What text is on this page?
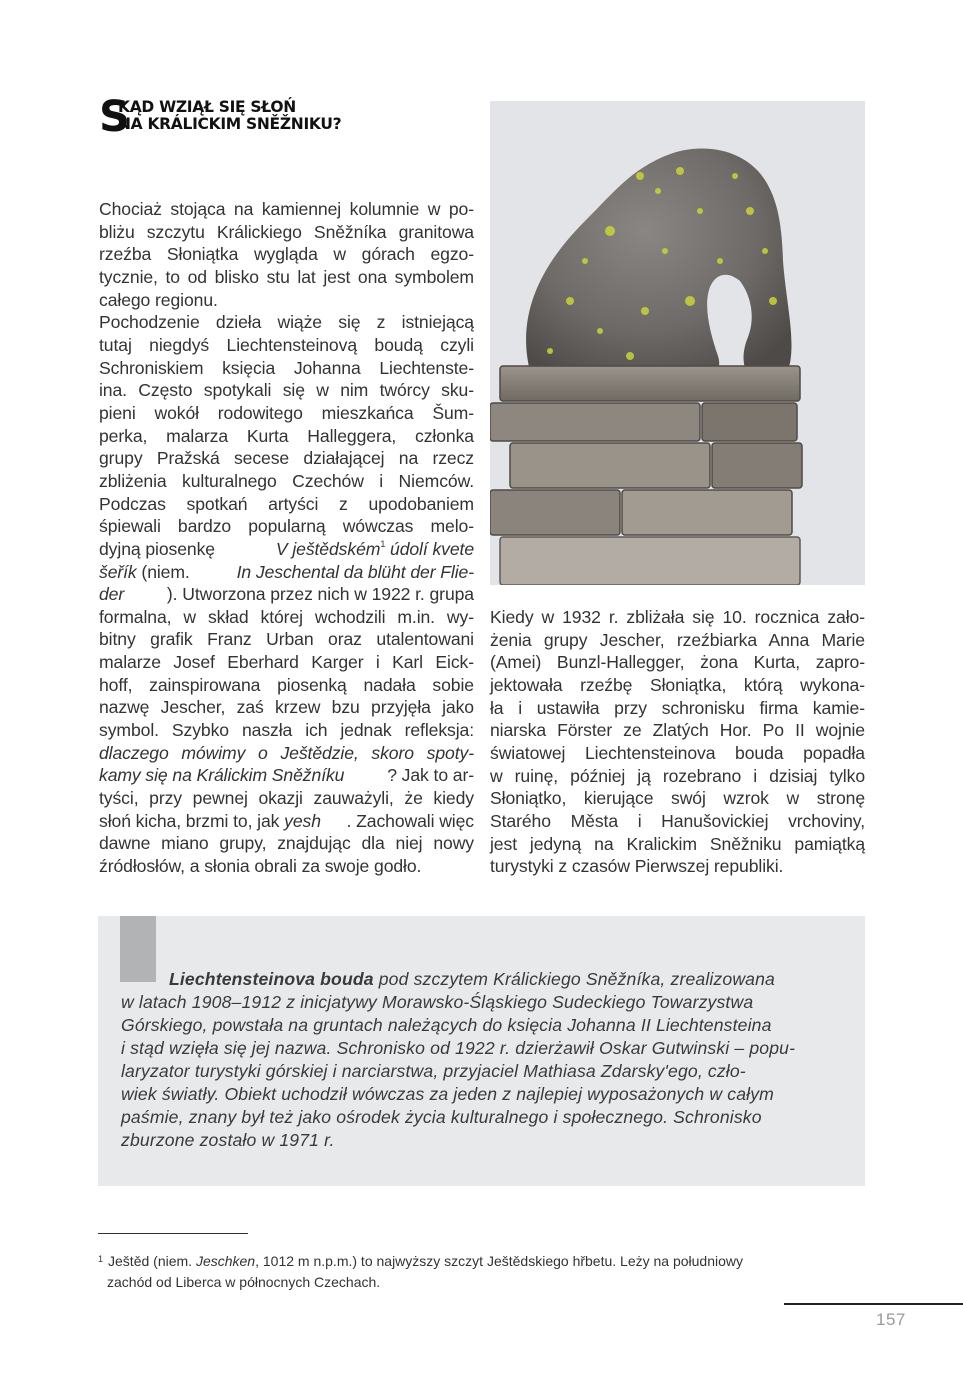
S
KĄD WZIĄŁ SIĘ SŁOŃ
NA KRÁLICKIM SNĚŽNIKU?
Chociaż stojąca na kamiennej kolumnie w po-
bliżu szczytu Králickiego Sněžníka granitowa
rzeźba Słoniątka wygląda w górach egzo-
tycznie, to od blisko stu lat jest ona symbolem
całego regionu.
Pochodzenie dzieła wiąże się z istniejącą
tutaj niegdyś Liechtensteinovą boudą czyli
Schroniskiem księcia Johanna Liechtenste-
ina. Często spotykali się w nim twórcy sku-
pieni wokół rodowitego mieszkańca Šum-
perka, malarza Kurta Halleggera, członka
grupy Pražská secese działającej na rzecz
zbliżenia kulturalnego Czechów i Niemców.
Podczas spotkań artyści z upodobaniem
śpiewali bardzo popularną wówczas melo-
dyjną piosenkę	V ještědském$^1$ údolí kvete
šeřík (niem.	In Jeschental da blüht der Flie-
der ). Utworzona przez nich w 1922 r. grupa
formalna, w skład której wchodzili m.in. wy-
bitny grafik Franz Urban oraz utalentowani
malarze Josef Eberhard Karger i Karl Eick-
hoff, zainspirowana piosenką nadała sobie
nazwę Jescher, zaś krzew bzu przyjęła jako
symbol. Szybko naszła ich jednak refleksja:
dlaczego mówimy o Ještědzie, skoro spoty-
kamy się na Králickim Sněžníku ? Jak to ar-
tyści, przy pewnej okazji zauważyli, że kiedy
słoń kicha, brzmi to, jak yesh . Zachowali więc
dawne miano grupy, znajdując dla niej nowy
źródłosłów, a słonia obrali za swoje godło.
Kiedy w 1932 r. zbliżała się 10. rocznica zało-
żenia grupy Jescher, rzeźbiarka Anna Marie
(Amei) Bunzl-Hallegger, żona Kurta, zapro-
jektowała rzeźbę Słoniątka, którą wykona-
ła i ustawiła przy schronisku firma kamie-
niarska Förster ze Zlatých Hor. Po II wojnie
światowej Liechtensteinova bouda popadła
w ruinę, później ją rozebrano i dzisiaj tylko
Słoniątko, kierujące swój wzrok w stronę
Starého Města i Hanušovickiej vrchoviny,
jest jedyną na Kralickim Sněžniku pamiątką
turystyki z czasów Pierwszej republiki.
Liechtensteinova bouda pod szczytem Králickiego Sněžníka, zrealizowana
w latach 1908–1912 z inicjatywy Morawsko-Śląskiego Sudeckiego Towarzystwa
Górskiego, powstała na gruntach należących do księcia Johanna II Liechtensteina
i stąd wzięła się jej nazwa. Schronisko od 1922 r. dzierżawił Oskar Gutwinski – popu-
laryzator turystyki górskiej i narciarstwa, przyjaciel Mathiasa Zdarsky'ego, czło-
wiek światły. Obiekt uchodził wówczas za jeden z najlepiej wyposażonych w całym
paśmie, znany był też jako ośrodek życia kulturalnego i społecznego. Schronisko
zburzone zostało w 1971 r.
$^1$ Ještěd (niem. Jeschken, 1012 m n.p.m.) to najwyższy szczyt Ještědskiego hřbetu. Leży na południowy
zachód od Liberca w północnych Czechach.
157
